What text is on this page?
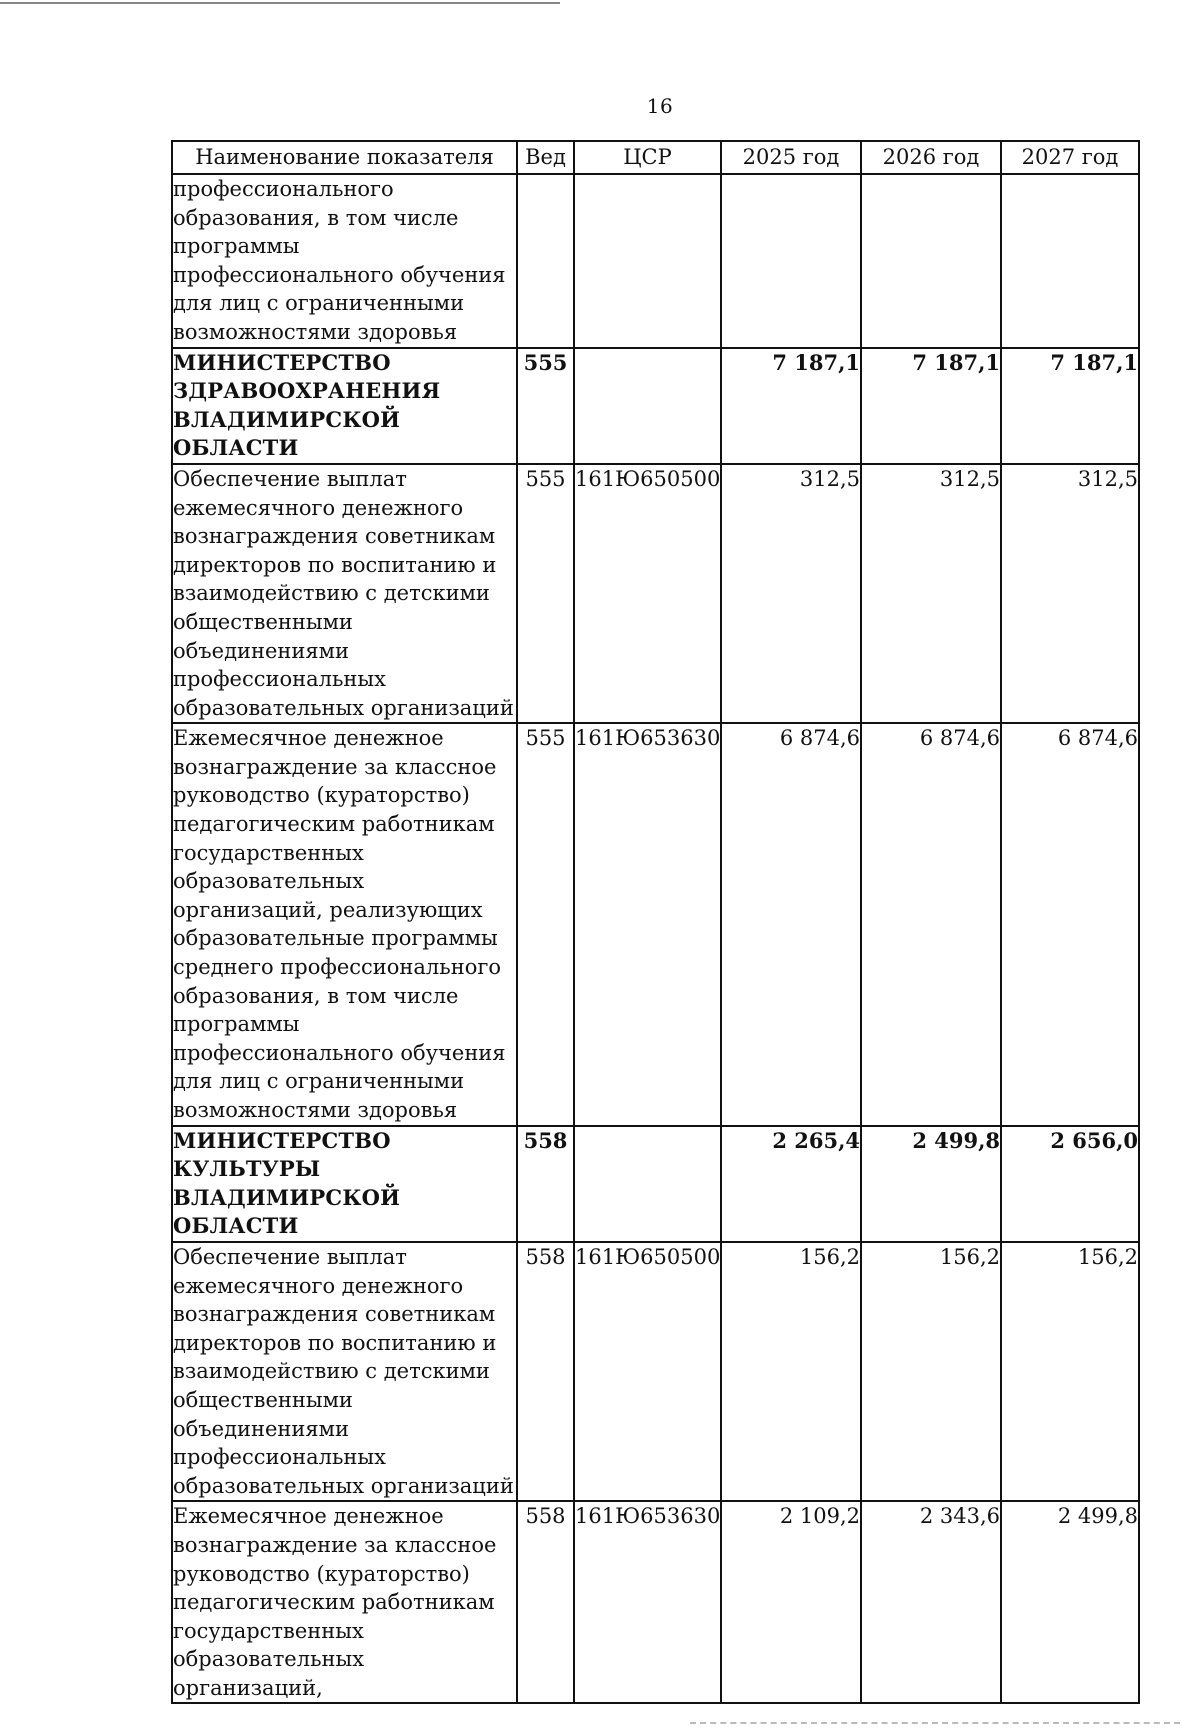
16
Наименование показателя	Вед	ЦСР	2025 год	2026 год	2027 год
профессионального образования, в том числе программы профессионального обучения для лиц с ограниченными возможностями здоровья					
МИНИСТЕРСТВО ЗДРАВООХРАНЕНИЯ ВЛАДИМИРСКОЙ ОБЛАСТИ	555		7 187,1	7 187,1	7 187,1
Обеспечение выплат ежемесячного денежного вознаграждения советникам директоров по воспитанию и взаимодействию с детскими общественными объединениями профессиональных образовательных организаций	555	161Ю650500	312,5	312,5	312,5
Ежемесячное денежное вознаграждение за классное руководство (кураторство) педагогическим работникам государственных образовательных организаций, реализующих образовательные программы среднего профессионального образования, в том числе программы профессионального обучения для лиц с ограниченными возможностями здоровья	555	161Ю653630	6 874,6	6 874,6	6 874,6
МИНИСТЕРСТВО КУЛЬТУРЫ ВЛАДИМИРСКОЙ ОБЛАСТИ	558		2 265,4	2 499,8	2 656,0
Обеспечение выплат ежемесячного денежного вознаграждения советникам директоров по воспитанию и взаимодействию с детскими общественными объединениями профессиональных образовательных организаций	558	161Ю650500	156,2	156,2	156,2
Ежемесячное денежное вознаграждение за классное руководство (кураторство) педагогическим работникам государственных образовательных организаций,	558	161Ю653630	2 109,2	2 343,6	2 499,8
